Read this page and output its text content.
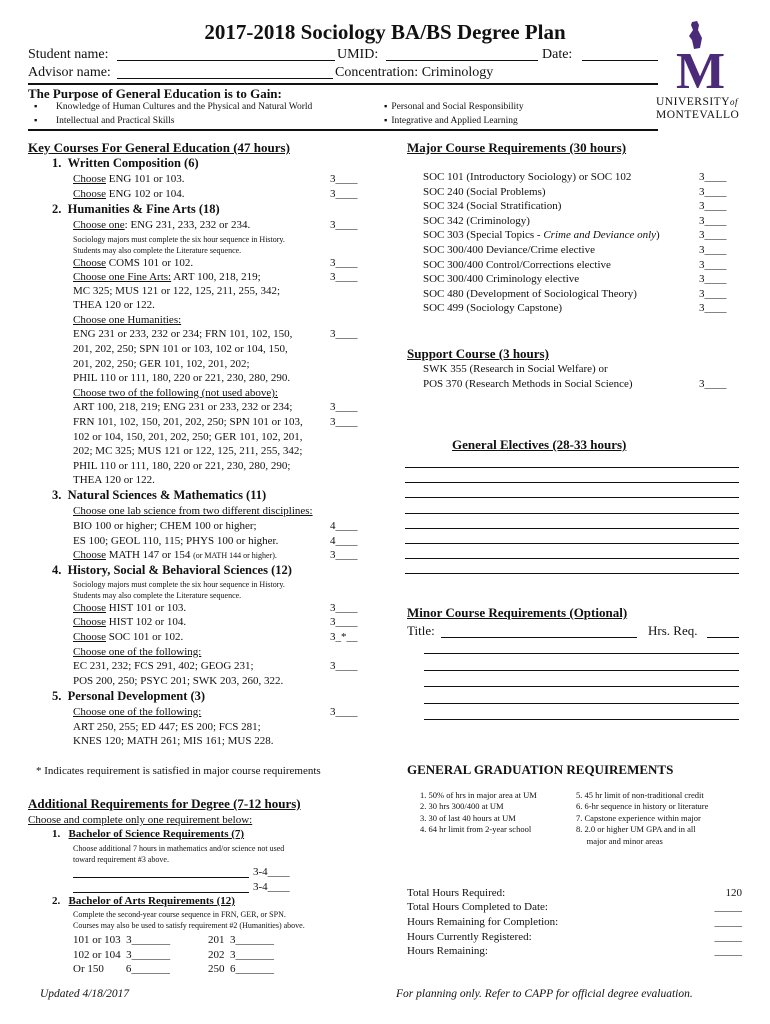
2017-2018 Sociology BA/BS Degree Plan
Student name:	UMID:	Date:
Advisor name:	Concentration: Criminology	M
UNIVERSITYof
MONTEVALLO
The Purpose of General Education is to Gain:
▪ Knowledge of Human Cultures and the Physical and Natural World
▪ Intellectual and Practical Skills
▪ Personal and Social Responsibility
▪ Integrative and Applied Learning
Key Courses For General Education (47 hours)
1. Written Composition (6)
Choose ENG 101 or 103.	3____
Choose ENG 102 or 104.	3____
2. Humanities & Fine Arts (18)
Choose one: ENG 231, 233, 232 or 234.	3____
Sociology majors must complete the six hour sequence in History.
Students may also complete the Literature sequence.
Choose COMS 101 or 102.	3____
Choose one Fine Arts: ART 100, 218, 219;	3____
MC 325; MUS 121 or 122, 125, 211, 255, 342;
THEA 120 or 122.
Choose one Humanities:
ENG 231 or 233, 232 or 234; FRN 101, 102, 150,	3____
201, 202, 250; SPN 101 or 103, 102 or 104, 150,
201, 202, 250; GER 101, 102, 201, 202;
PHIL 110 or 111, 180, 220 or 221, 230, 280, 290.
Choose two of the following (not used above):
ART 100, 218, 219; ENG 231 or 233, 232 or 234;	3____
FRN 101, 102, 150, 201, 202, 250; SPN 101 or 103, 3____
102 or 104, 150, 201, 202, 250; GER 101, 102, 201,
202; MC 325; MUS 121 or 122, 125, 211, 255, 342;
PHIL 110 or 111, 180, 220 or 221, 230, 280, 290;
THEA 120 or 122.
3. Natural Sciences & Mathematics (11)
Choose one lab science from two different disciplines:
BIO 100 or higher; CHEM 100 or higher;	4____
ES 100; GEOL 110, 115; PHYS 100 or higher.	4____
Choose MATH 147 or 154 (or MATH 144 or higher).	3____
4. History, Social & Behavioral Sciences (12)
Sociology majors must complete the six hour sequence in History.
Students may also complete the Literature sequence.
Choose HIST 101 or 103.	3____
Choose HIST 102 or 104.	3____
Choose SOC 101 or 102.	3_*__
Choose one of the following:
EC 231, 232; FCS 291, 402; GEOG 231;	3____
POS 200, 250; PSYC 201; SWK 203, 260, 322.
5. Personal Development (3)
Choose one of the following:	3____
ART 250, 255; ED 447; ES 200; FCS 281;
KNES 120; MATH 261; MIS 161; MUS 228.
* Indicates requirement is satisfied in major course requirements
Additional Requirements for Degree (7-12 hours)
Choose and complete only one requirement below:
1. Bachelor of Science Requirements (7)
Choose additional 7 hours in mathematics and/or science not used
toward requirement #3 above.
3-4____
3-4____
2. Bachelor of Arts Requirements (12)
Complete the second-year course sequence in FRN, GER, or SPN.
Courses may also be used to satisfy requirement #2 (Humanities) above.
101 or 103 3_______	201 3_______
102 or 104 3_______	202 3_______
Or 150 6_______	250 6_______
Major Course Requirements (30 hours)
SOC 101 (Introductory Sociology) or SOC 102	3____
SOC 240 (Social Problems)	3____
SOC 324 (Social Stratification)	3____
SOC 342 (Criminology)	3____
SOC 303 (Special Topics - Crime and Deviance only)	3____
SOC 300/400 Deviance/Crime elective	3____
SOC 300/400 Control/Corrections elective	3____
SOC 300/400 Criminology elective	3____
SOC 480 (Development of Sociological Theory)	3____
SOC 499 (Sociology Capstone)	3____
Support Course (3 hours)
SWK 355 (Research in Social Welfare) or
POS 370 (Research Methods in Social Science)	3____
General Electives (28-33 hours)
Minor Course Requirements (Optional)
Title:	Hrs. Req.
GENERAL GRADUATION REQUIREMENTS
1. 50% of hrs in major area at UM
2. 30 hrs 300/400 at UM
3. 30 of last 40 hours at UM
4. 64 hr limit from 2-year school
5. 45 hr limit of non-traditional credit
6. 6-hr sequence in history or literature
7. Capstone experience within major
8. 2.0 or higher UM GPA and in all
major and minor areas
Total Hours Required:	120
Total Hours Completed to Date:	_____
Hours Remaining for Completion:	_____
Hours Currently Registered:	_____
Hours Remaining:	_____
Updated 4/18/2017	For planning only. Refer to CAPP for official degree evaluation.
